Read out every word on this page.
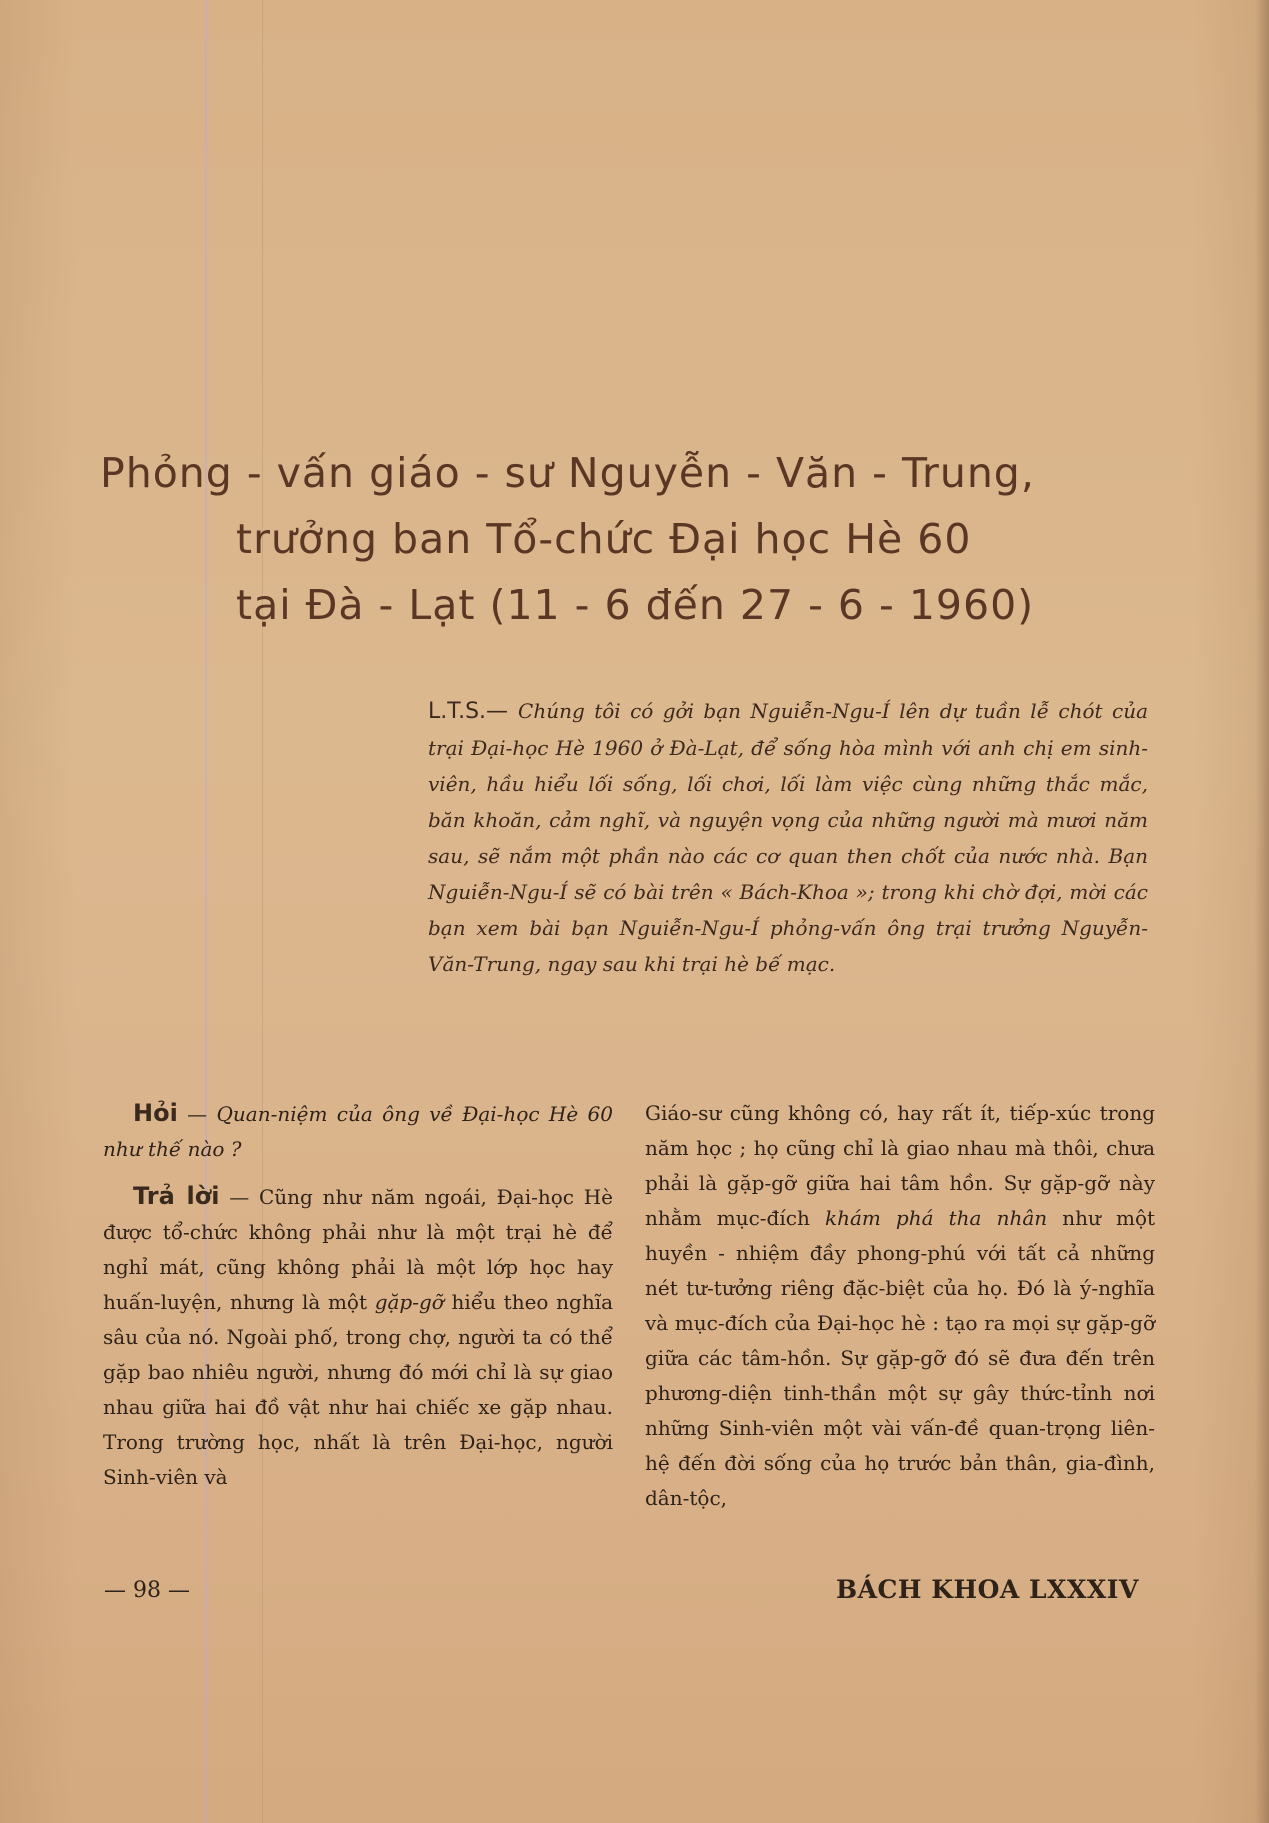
Phỏng - vấn giáo - sư Nguyễn - Văn - Trung,
trưởng ban Tổ-chức Đại học Hè 60
tại Đà - Lạt (11 - 6 đến 27 - 6 - 1960)

L.T.S.— Chúng tôi có gởi bạn Nguiễn-Ngu-Í lên dự tuần lễ chót của trại Đại-học Hè 1960 ở Đà-Lạt, để sống hòa mình với anh chị em sinh-viên, hầu hiểu lối sống, lối chơi, lối làm việc cùng những thắc mắc, băn khoăn, cảm nghĩ, và nguyện vọng của những người mà mươi năm sau, sẽ nắm một phần nào các cơ quan then chốt của nước nhà. Bạn Nguiễn-Ngu-Í sẽ có bài trên « Bách-Khoa »; trong khi chờ đợi, mời các bạn xem bài bạn Nguiễn-Ngu-Í phỏng-vấn ông trại trưởng Nguyễn-Văn-Trung, ngay sau khi trại hè bế mạc.

Hỏi — Quan-niệm của ông về Đại-học Hè 60 như thế nào ?

Trả lời — Cũng như năm ngoái, Đại-học Hè được tổ-chức không phải như là một trại hè để nghỉ mát, cũng không phải là một lớp học hay huấn-luyện, nhưng là một gặp-gỡ hiểu theo nghĩa sâu của nó. Ngoài phố, trong chợ, người ta có thể gặp bao nhiêu người, nhưng đó mới chỉ là sự giao nhau giữa hai đồ vật như hai chiếc xe gặp nhau. Trong trường học, nhất là trên Đại-học, người Sinh-viên và

Giáo-sư cũng không có, hay rất ít, tiếp-xúc trong năm học ; họ cũng chỉ là giao nhau mà thôi, chưa phải là gặp-gỡ giữa hai tâm hồn. Sự gặp-gỡ này nhằm mục-đích khám phá tha nhân như một huyền - nhiệm đầy phong-phú với tất cả những nét tư-tưởng riêng đặc-biệt của họ. Đó là ý-nghĩa và mục-đích của Đại-học hè : tạo ra mọi sự gặp-gỡ giữa các tâm-hồn. Sự gặp-gỡ đó sẽ đưa đến trên phương-diện tinh-thần một sự gây thức-tỉnh nơi những Sinh-viên một vài vấn-đề quan-trọng liên-hệ đến đời sống của họ trước bản thân, gia-đình, dân-tộc,

— 98 —	BÁCH KHOA LXXXIV
